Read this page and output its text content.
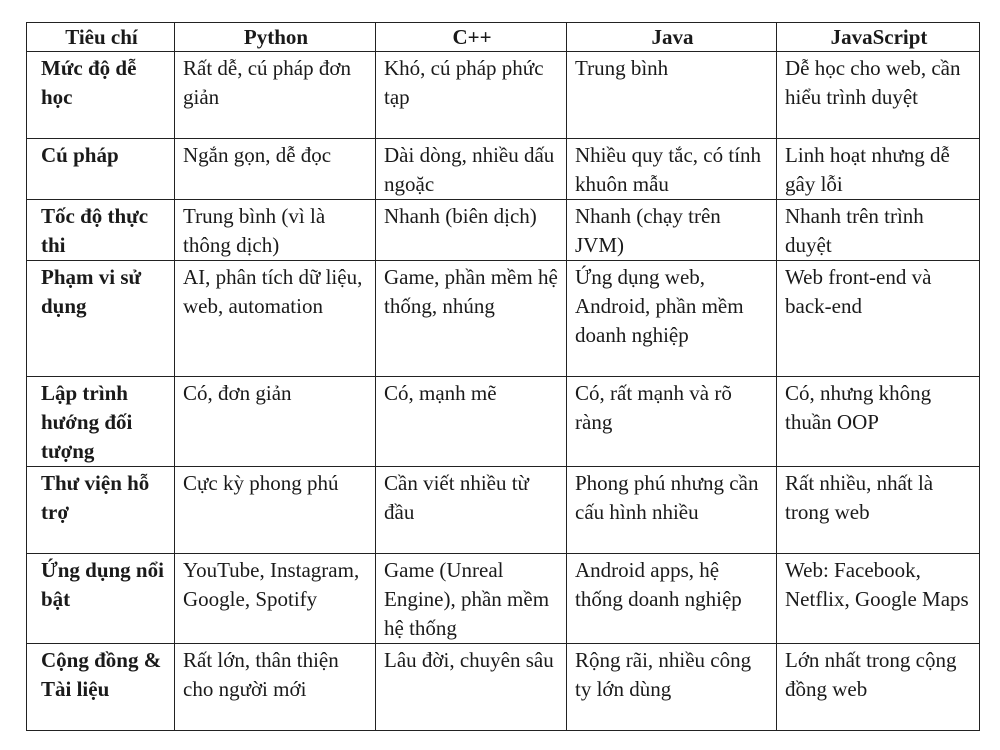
Tiêu chí	Python	C++	Java	JavaScript

Mức độ dễ học	Rất dễ, cú pháp đơn giản	Khó, cú pháp phức tạp	Trung bình	Dễ học cho web, cần hiểu trình duyệt

Cú pháp	Ngắn gọn, dễ đọc	Dài dòng, nhiều dấu ngoặc	Nhiều quy tắc, có tính khuôn mẫu	Linh hoạt nhưng dễ gây lỗi

Tốc độ thực thi	Trung bình (vì là thông dịch)	Nhanh (biên dịch)	Nhanh (chạy trên JVM)	Nhanh trên trình duyệt

Phạm vi sử dụng	AI, phân tích dữ liệu, web, automation	Game, phần mềm hệ thống, nhúng	Ứng dụng web, Android, phần mềm doanh nghiệp	Web front-end và back-end

Lập trình hướng đối tượng	Có, đơn giản	Có, mạnh mẽ	Có, rất mạnh và rõ ràng	Có, nhưng không thuần OOP

Thư viện hỗ trợ	Cực kỳ phong phú	Cần viết nhiều từ đầu	Phong phú nhưng cần cấu hình nhiều	Rất nhiều, nhất là trong web

Ứng dụng nổi bật	YouTube, Instagram, Google, Spotify	Game (Unreal Engine), phần mềm hệ thống	Android apps, hệ thống doanh nghiệp	Web: Facebook, Netflix, Google Maps

Cộng đồng & Tài liệu	Rất lớn, thân thiện cho người mới	Lâu đời, chuyên sâu	Rộng rãi, nhiều công ty lớn dùng	Lớn nhất trong cộng đồng web
